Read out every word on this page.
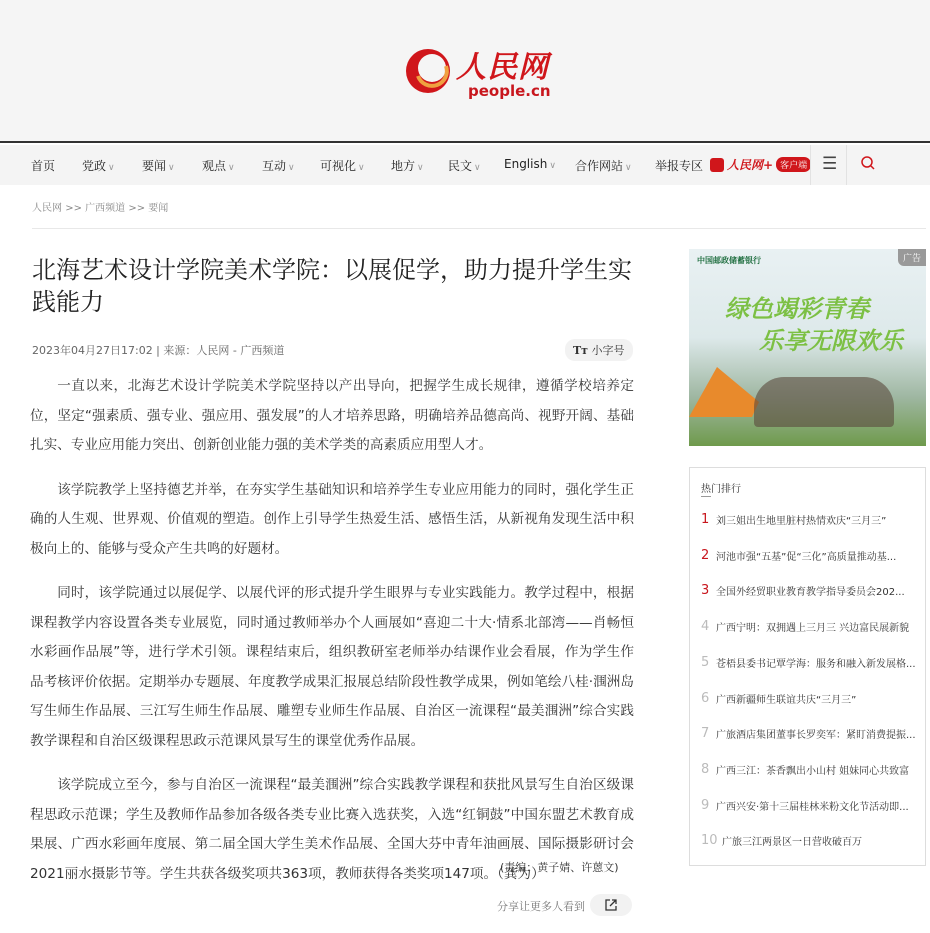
人民网
people.cn
首页 党政 ∨ 要闻 ∨ 观点 ∨ 互动 ∨ 可视化 ∨ 地方 ∨ 民文 ∨ English ∨ 合作网站 ∨ 举报专区 人民网+ 客户端 ☰
人民网 >> 广西频道 >> 要闻
北海艺术设计学院美术学院：以展促学，助力提升学生实践能力
2023年04月27日17:02 | 来源：人民网 - 广西频道	Tт 小字号

一直以来，北海艺术设计学院美术学院坚持以产出导向，把握学生成长规律，遵循学校培养定位，坚定“强素质、强专业、强应用、强发展”的人才培养思路，明确培养品德高尚、视野开阔、基础扎实、专业应用能力突出、创新创业能力强的美术学类的高素质应用型人才。

该学院教学上坚持德艺并举，在夯实学生基础知识和培养学生专业应用能力的同时，强化学生正确的人生观、世界观、价值观的塑造。创作上引导学生热爱生活、感悟生活，从新视角发现生活中积极向上的、能够与受众产生共鸣的好题材。

同时，该学院通过以展促学、以展代评的形式提升学生眼界与专业实践能力。教学过程中，根据课程教学内容设置各类专业展览，同时通过教师举办个人画展如“喜迎二十大·情系北部湾——肖畅恒水彩画作品展”等，进行学术引领。课程结束后，组织教研室老师举办结课作业会看展，作为学生作品考核评价依据。定期举办专题展、年度教学成果汇报展总结阶段性教学成果，例如笔绘八桂·涠洲岛写生师生作品展、三江写生师生作品展、雕塑专业师生作品展、自治区一流课程“最美涠洲”综合实践教学课程和自治区级课程思政示范课风景写生的课堂优秀作品展。

该学院成立至今，参与自治区一流课程“最美涠洲”综合实践教学课程和获批风景写生自治区级课程思政示范课；学生及教师作品参加各级各类专业比赛入选获奖，入选“红铜鼓”中国东盟艺术教育成果展、广西水彩画年度展、第二届全国大学生美术作品展、全国大芬中青年油画展、国际摄影研讨会2021丽水摄影节等。学生共获各级奖项共363项，教师获得各类奖项147项。（龚为）

(责编：黄子婧、许蒽文)
分享让更多人看到
中国邮政储蓄银行
绿色竭彩青春
乐享无限欢乐
广告
热门排行
1 刘三姐出生地里脏村热情欢庆“三月三”
2 河池市强“五基”促“三化”高质量推动基...
3 全国外经贸职业教育教学指导委员会202...
4 广西宁明：双拥遇上三月三 兴边富民展新貌
5 苍梧县委书记覃学海：服务和融入新发展格...
6 广西新疆师生联谊共庆“三月三”
7 广旅酒店集团董事长罗奕军：紧盯消费提振...
8 广西三江：茶香飘出小山村 姐妹同心共致富
9 广西兴安·第十三届桂林米粉文化节活动即...
10 广旅三江两景区一日营收破百万
